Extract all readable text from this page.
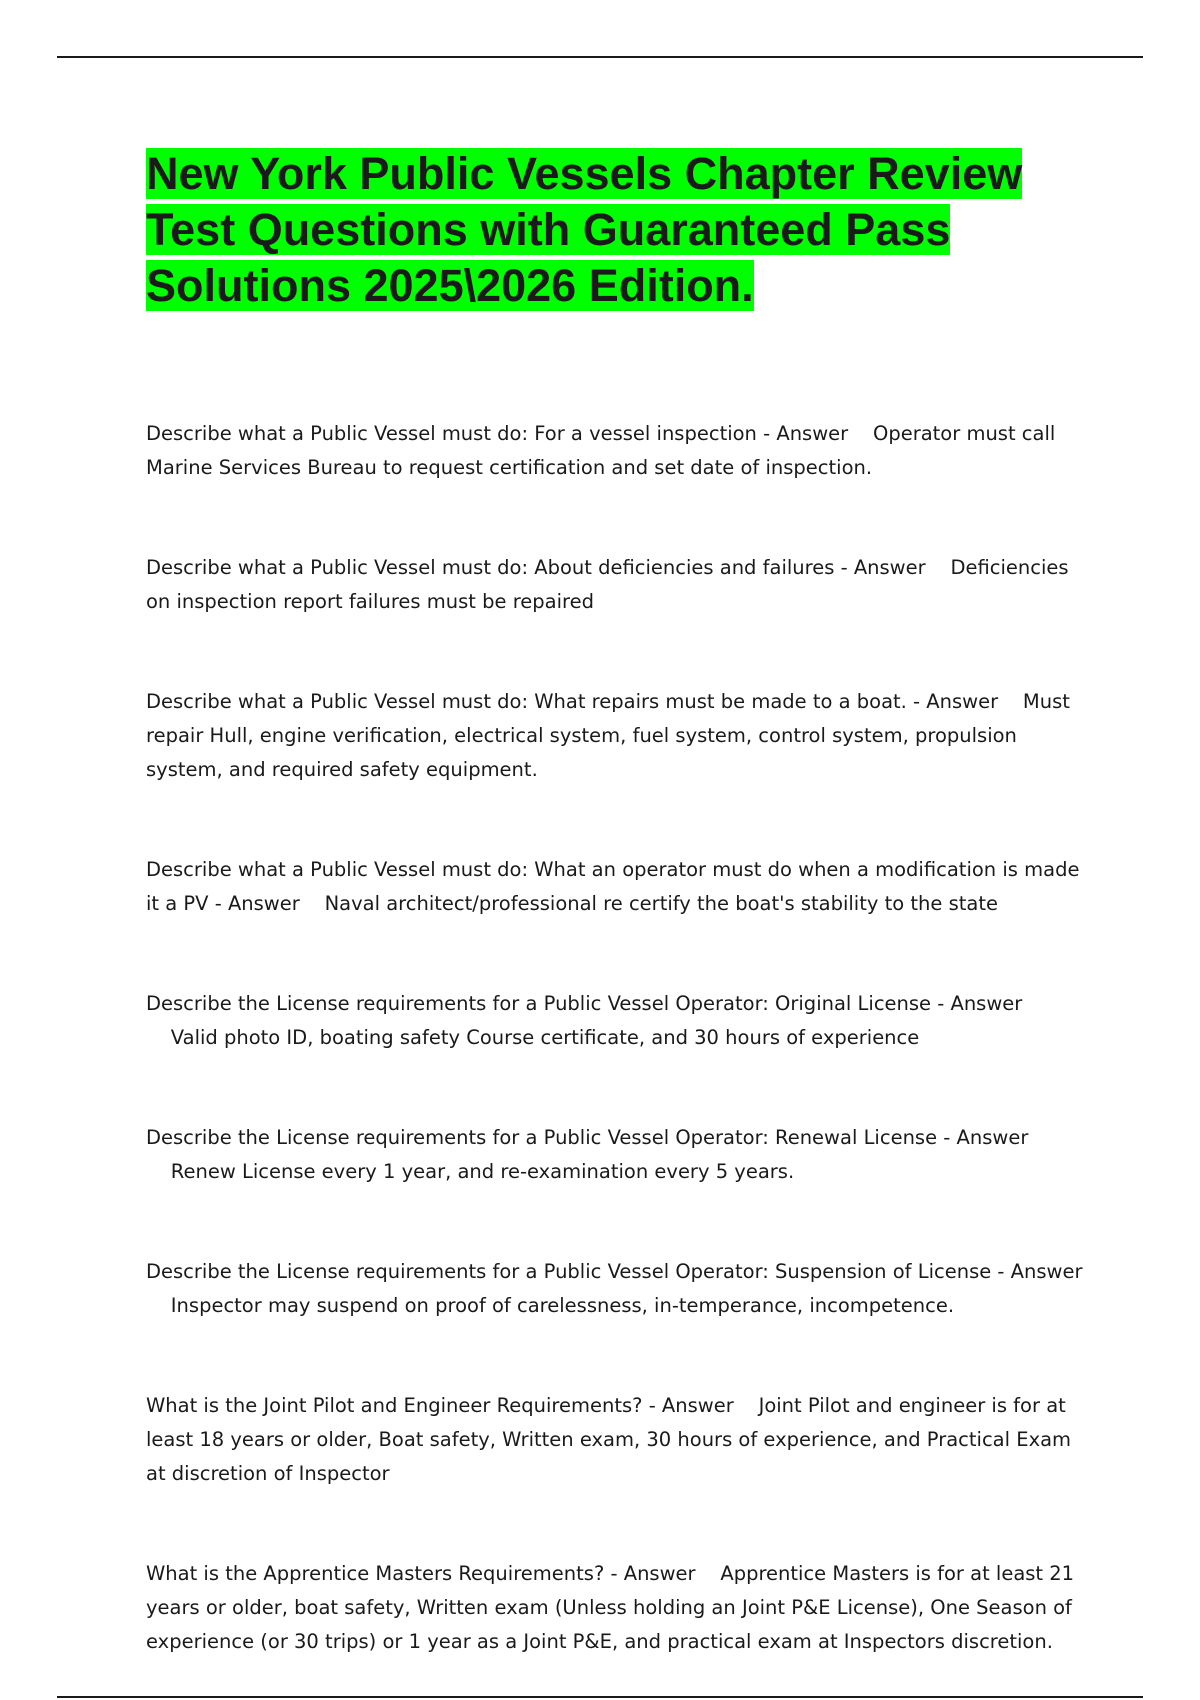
New York Public Vessels Chapter Review Test Questions with Guaranteed Pass Solutions 2025\2026 Edition.

Describe what a Public Vessel must do: For a vessel inspection - Answer Operator must call Marine Services Bureau to request certification and set date of inspection.

Describe what a Public Vessel must do: About deficiencies and failures - Answer Deficiencies on inspection report failures must be repaired

Describe what a Public Vessel must do: What repairs must be made to a boat. - Answer Must repair Hull, engine verification, electrical system, fuel system, control system, propulsion system, and required safety equipment.

Describe what a Public Vessel must do: What an operator must do when a modification is made it a PV - Answer Naval architect/professional re certify the boat's stability to the state

Describe the License requirements for a Public Vessel Operator: Original License - Answer    Valid photo ID, boating safety Course certificate, and 30 hours of experience

Describe the License requirements for a Public Vessel Operator: Renewal License - Answer    Renew License every 1 year, and re-examination every 5 years.

Describe the License requirements for a Public Vessel Operator: Suspension of License - Answer    Inspector may suspend on proof of carelessness, in-temperance, incompetence.

What is the Joint Pilot and Engineer Requirements? - Answer Joint Pilot and engineer is for at least 18 years or older, Boat safety, Written exam, 30 hours of experience, and Practical Exam at discretion of Inspector

What is the Apprentice Masters Requirements? - Answer Apprentice Masters is for at least 21 years or older, boat safety, Written exam (Unless holding an Joint P&E License), One Season of experience (or 30 trips) or 1 year as a Joint P&E, and practical exam at Inspectors discretion.
